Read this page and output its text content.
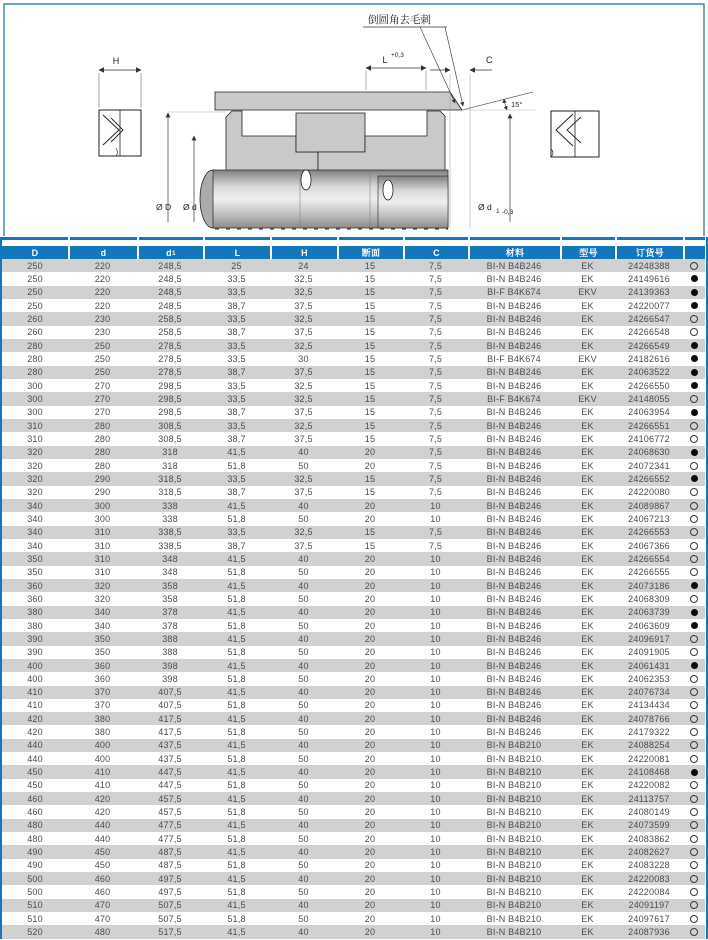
H
Ø D Ø d	Ø d 1 -0,3
L +0,3	C
15°
倒圆角去毛刺
D	d	$d_1$	L	H	断面	C	材料	型号	订货号
250	220	248,5	25	24	15	7,5	BI-N B4B246	EK	24248388
250	220	248,5	33,5	32,5	15	7,5	BI-N B4B246	EK	24149616
250	220	248,5	33,5	32,5	15	7,5	BI-F B4K674	EKV	24139363
250	220	248,5	38,7	37,5	15	7,5	BI-N B4B246	EK	24220077
260	230	258,5	33,5	32,5	15	7,5	BI-N B4B246	EK	24266547
260	230	258,5	38,7	37,5	15	7,5	BI-N B4B246	EK	24266548
280	250	278,5	33,5	32,5	15	7,5	BI-N B4B246	EK	24266549
280	250	278,5	33,5	30	15	7,5	BI-F B4K674	EKV	24182616
280	250	278,5	38,7	37,5	15	7,5	BI-N B4B246	EK	24063522
300	270	298,5	33,5	32,5	15	7,5	BI-N B4B246	EK	24266550
300	270	298,5	33,5	32,5	15	7,5	BI-F B4K674	EKV	24148055
300	270	298,5	38,7	37,5	15	7,5	BI-N B4B246	EK	24063954
310	280	308,5	33,5	32,5	15	7,5	BI-N B4B246	EK	24266551
310	280	308,5	38,7	37,5	15	7,5	BI-N B4B246	EK	24106772
320	280	318	41,5	40	20	7,5	BI-N B4B246	EK	24068630
320	280	318	51,8	50	20	7,5	BI-N B4B246	EK	24072341
320	290	318,5	33,5	32,5	15	7,5	BI-N B4B246	EK	24266552
320	290	318,5	38,7	37,5	15	7,5	BI-N B4B246	EK	24220080
340	300	338	41,5	40	20	10	BI-N B4B246	EK	24089867
340	300	338	51,8	50	20	10	BI-N B4B246	EK	24067213
340	310	338,5	33,5	32,5	15	7,5	BI-N B4B246	EK	24266553
340	310	338,5	38,7	37,5	15	7,5	BI-N B4B246	EK	24067366
350	310	348	41,5	40	20	10	BI-N B4B246	EK	24266554
350	310	348	51,8	50	20	10	BI-N B4B246	EK	24266555
360	320	358	41,5	40	20	10	BI-N B4B246	EK	24073186
360	320	358	51,8	50	20	10	BI-N B4B246	EK	24068309
380	340	378	41,5	40	20	10	BI-N B4B246	EK	24063739
380	340	378	51,8	50	20	10	BI-N B4B246	EK	24063609
390	350	388	41,5	40	20	10	BI-N B4B246	EK	24096917
390	350	388	51,8	50	20	10	BI-N B4B246	EK	24091905
400	360	398	41,5	40	20	10	BI-N B4B246	EK	24061431
400	360	398	51,8	50	20	10	BI-N B4B246	EK	24062353
410	370	407,5	41,5	40	20	10	BI-N B4B246	EK	24076734
410	370	407,5	51,8	50	20	10	BI-N B4B246	EK	24134434
420	380	417,5	41,5	40	20	10	BI-N B4B246	EK	24078766
420	380	417,5	51,8	50	20	10	BI-N B4B246	EK	24179322
440	400	437,5	41,5	40	20	10	BI-N B4B210	EK	24088254
440	400	437,5	51,8	50	20	10	BI-N B4B210	EK	24220081
450	410	447,5	41,5	40	20	10	BI-N B4B210	EK	24108468
450	410	447,5	51,8	50	20	10	BI-N B4B210	EK	24220082
460	420	457,5	41,5	40	20	10	BI-N B4B210	EK	24113757
460	420	457,5	51,8	50	20	10	BI-N B4B210	EK	24080149
480	440	477,5	41,5	40	20	10	BI-N B4B210	EK	24073599
480	440	477,5	51,8	50	20	10	BI-N B4B210	EK	24083862
490	450	487,5	41,5	40	20	10	BI-N B4B210	EK	24082627
490	450	487,5	51,8	50	20	10	BI-N B4B210	EK	24083228
500	460	497,5	41,5	40	20	10	BI-N B4B210	EK	24220083
500	460	497,5	51,8	50	20	10	BI-N B4B210	EK	24220084
510	470	507,5	41,5	40	20	10	BI-N B4B210	EK	24091197
510	470	507,5	51,8	50	20	10	BI-N B4B210	EK	24097617
520	480	517,5	41,5	40	20	10	BI-N B4B210	EK	24087936
